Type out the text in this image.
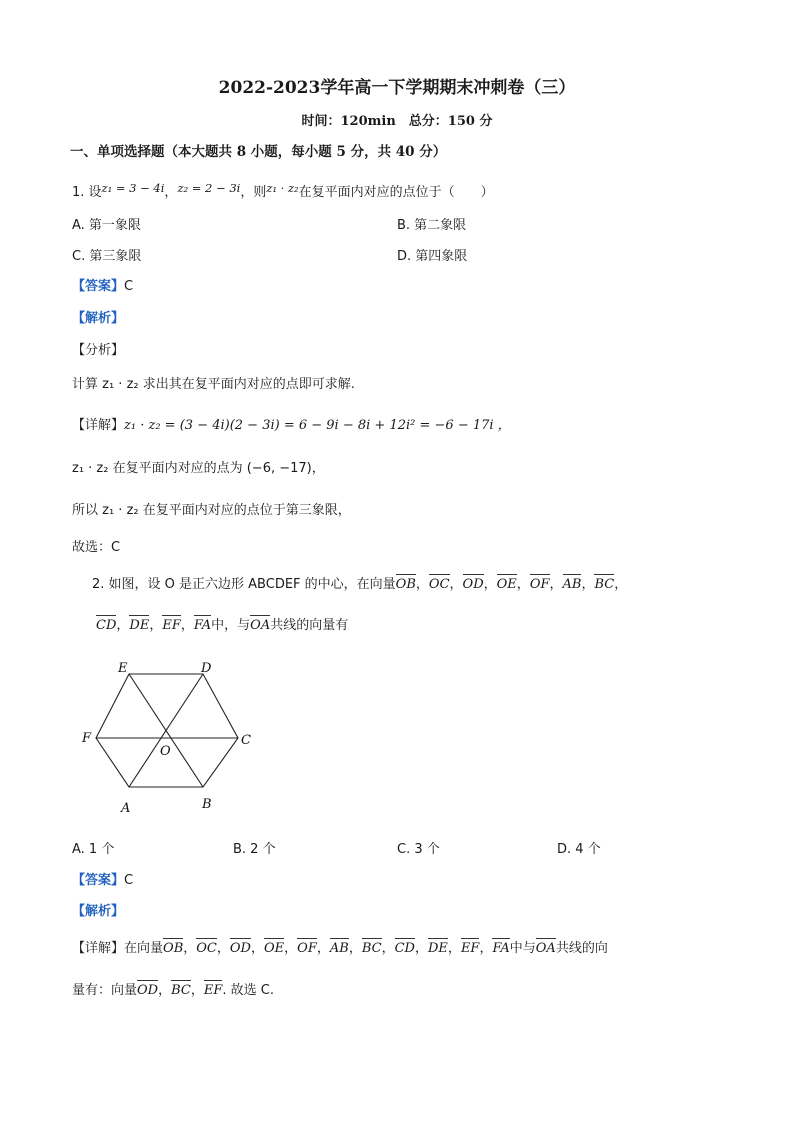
2022-2023学年高一下学期期末冲刺卷（三）
时间：120min　总分：150 分
一、单项选择题（本大题共 8 小题，每小题 5 分，共 40 分）
1. 设z₁ = 3 − 4i，z₂ = 2 − 3i，则z₁ · z₂在复平面内对应的点位于（　　）
A. 第一象限	B. 第二象限
C. 第三象限	D. 第四象限
【答案】C
【解析】
【分析】
计算 z₁ · z₂ 求出其在复平面内对应的点即可求解.
【详解】z₁ · z₂ = (3 − 4i)(2 − 3i) = 6 − 9i − 8i + 12i² = −6 − 17i ，
z₁ · z₂ 在复平面内对应的点为 (−6, −17)，
所以 z₁ · z₂ 在复平面内对应的点位于第三象限，
故选：C
2. 如图，设 O 是正六边形 ABCDEF 的中心，在向量OB，OC，OD，OE，OF，AB，BC，
CD，DE，EF，FA中，与OA共线的向量有
E	D
F	C
O
A	B
A. 1 个	B. 2 个	C. 3 个	D. 4 个
【答案】C
【解析】
【详解】在向量OB，OC，OD，OE，OF，AB，BC，CD，DE，EF，FA中与OA共线的向
量有：向量OD，BC，EF. 故选 C.
